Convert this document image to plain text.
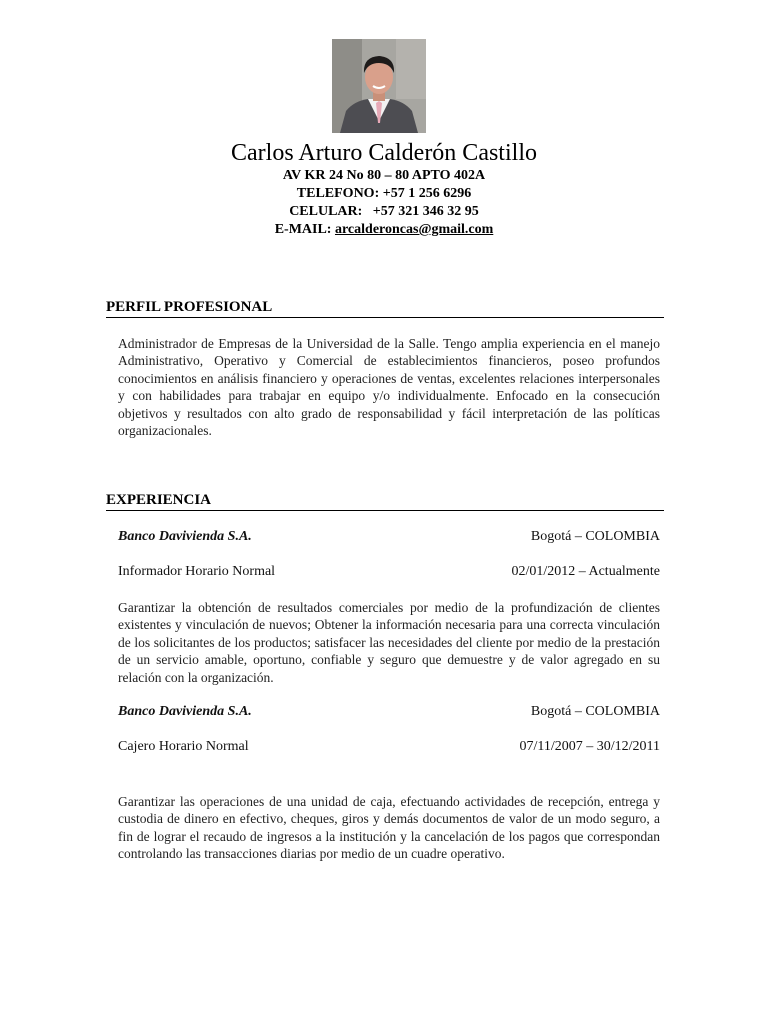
Carlos Arturo Calderón Castillo
AV KR 24 No 80 – 80 APTO 402A
TELEFONO: +57 1 256 6296
CELULAR:   +57 321 346 32 95
E-MAIL: arcalderoncas@gmail.com
PERFIL PROFESIONAL
Administrador de Empresas de la Universidad de la Salle. Tengo amplia experiencia en el manejo Administrativo, Operativo y Comercial de establecimientos financieros, poseo profundos conocimientos en análisis financiero y operaciones de ventas, excelentes relaciones interpersonales y con habilidades para trabajar en equipo y/o individualmente. Enfocado en la consecución objetivos y resultados con alto grado de responsabilidad y fácil interpretación de las políticas organizacionales.
EXPERIENCIA
Banco Davivienda S.A.	Bogotá – COLOMBIA
Informador Horario Normal	02/01/2012 – Actualmente
Garantizar la obtención de resultados comerciales por medio de la profundización de clientes existentes y vinculación de nuevos; Obtener la información necesaria para una correcta vinculación de los solicitantes de los productos; satisfacer las necesidades del cliente por medio de la prestación de un servicio amable, oportuno, confiable y seguro que demuestre y de valor agregado en su relación con la organización.
Banco Davivienda S.A.	Bogotá – COLOMBIA
Cajero Horario Normal	07/11/2007 – 30/12/2011
Garantizar las operaciones de una unidad de caja, efectuando actividades de recepción, entrega y custodia de dinero en efectivo, cheques, giros y demás documentos de valor de un modo seguro, a fin de lograr el recaudo de ingresos a la institución y la cancelación de los pagos que correspondan controlando las transacciones diarias por medio de un cuadre operativo.
